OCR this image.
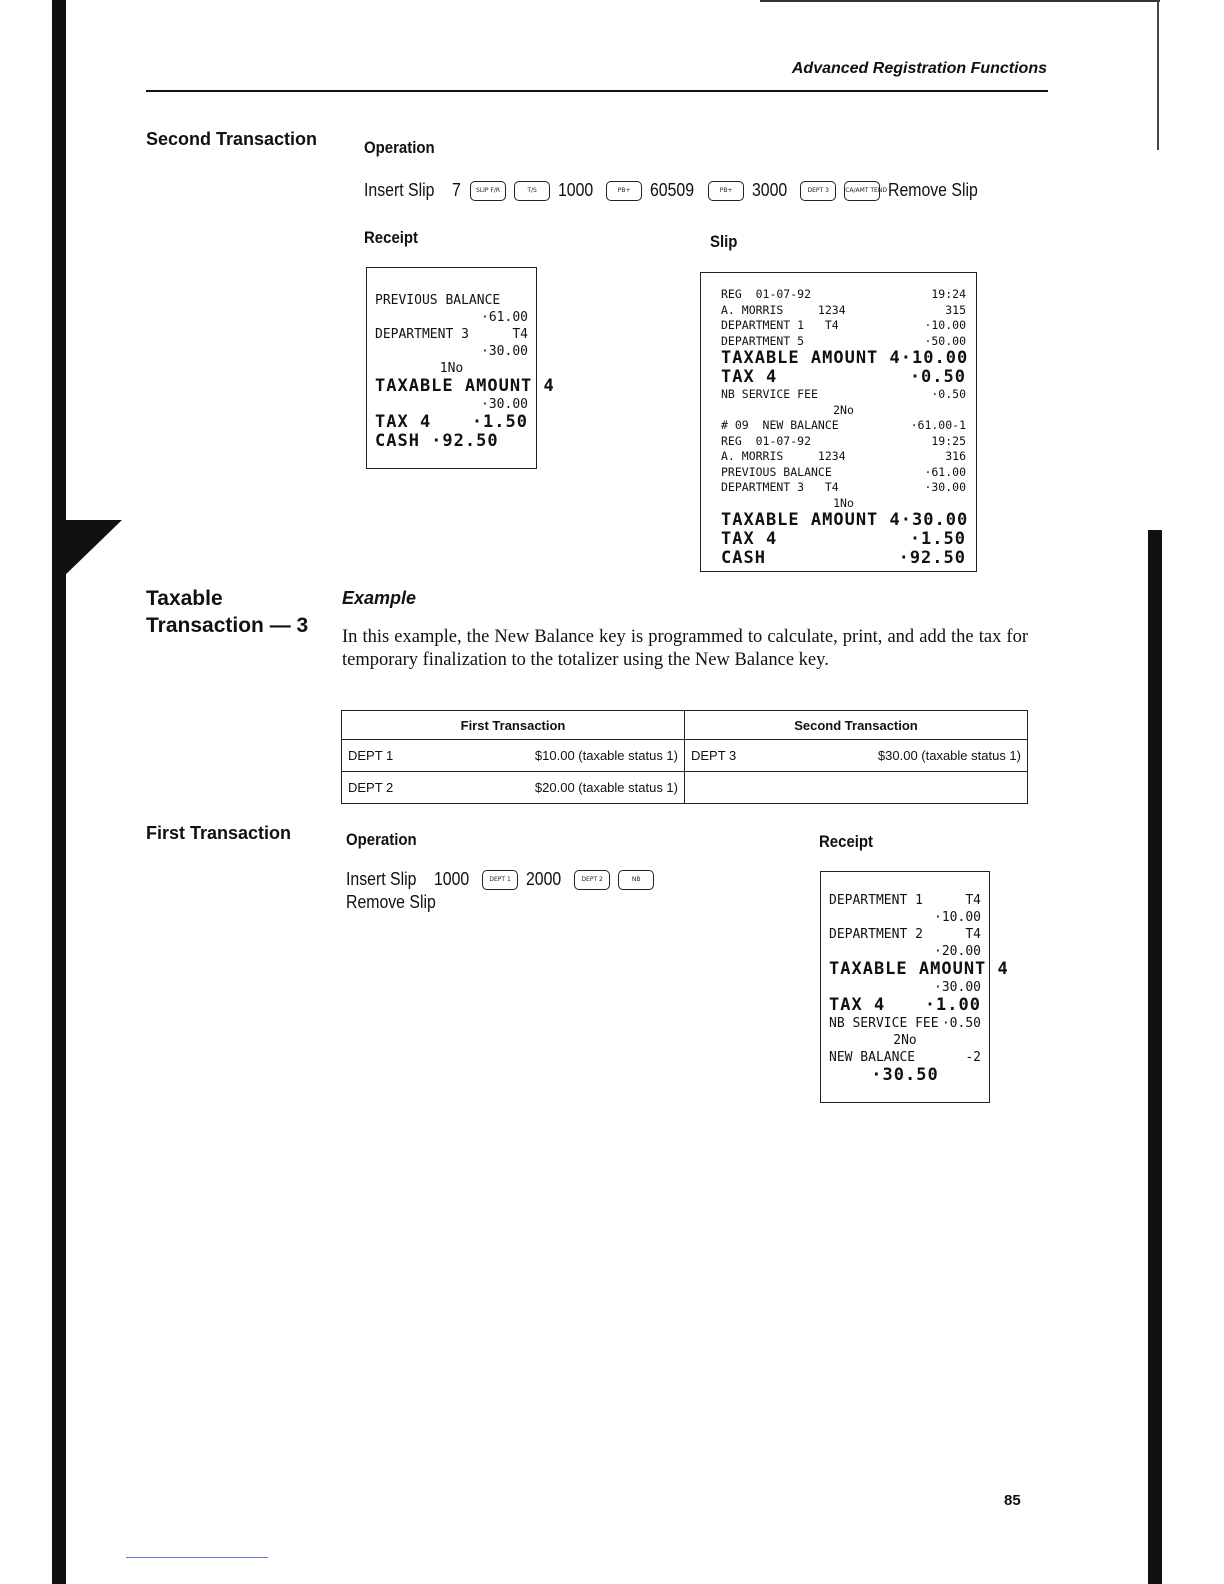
Advanced Registration Functions
Second Transaction	Operation
Insert Slip 7	SLIP F/R	T/S	1000	PB+	60509	PB+	3000	DEPT 3	CA/AMT TEND Remove Slip
Receipt	Slip
PREVIOUS BALANCE
·61.00
DEPARTMENT 3	T4
·30.00
1No
TAXABLE AMOUNT 4
·30.00
TAX 4 ·1.50
CASH ·92.50
REG  01-07-92	19:24
A. MORRIS     1234	315
DEPARTMENT 1   T4	·10.00
DEPARTMENT 5	·50.00
TAXABLE AMOUNT 4 ·10.00
TAX 4	·0.50
NB SERVICE FEE	·0.50
2No
# 09  NEW BALANCE	·61.00-1
REG  01-07-92	19:25
A. MORRIS     1234	316
PREVIOUS BALANCE	·61.00
DEPARTMENT 3   T4	·30.00
1No
TAXABLE AMOUNT 4 ·30.00
TAX 4	·1.50
CASH	·92.50
Taxable
Transaction — 3
Example
In this example, the New Balance key is programmed to calculate, print, and add the tax for temporary finalization to the totalizer using the New Balance key.
First Transaction	Second Transaction

DEPT 1 $10.00 (taxable status 1)	DEPT 3 $30.00 (taxable status 1)

DEPT 2 $20.00 (taxable status 1)	

First Transaction	Operation
Insert Slip 1000	DEPT 1 2000	DEPT 2	NB
Remove Slip
Receipt
DEPARTMENT 1	T4
·10.00
DEPARTMENT 2	T4
·20.00
TAXABLE AMOUNT 4
·30.00
TAX 4 ·1.00
NB SERVICE FEE ·0.50
2No
NEW BALANCE	-2
·30.50
85
